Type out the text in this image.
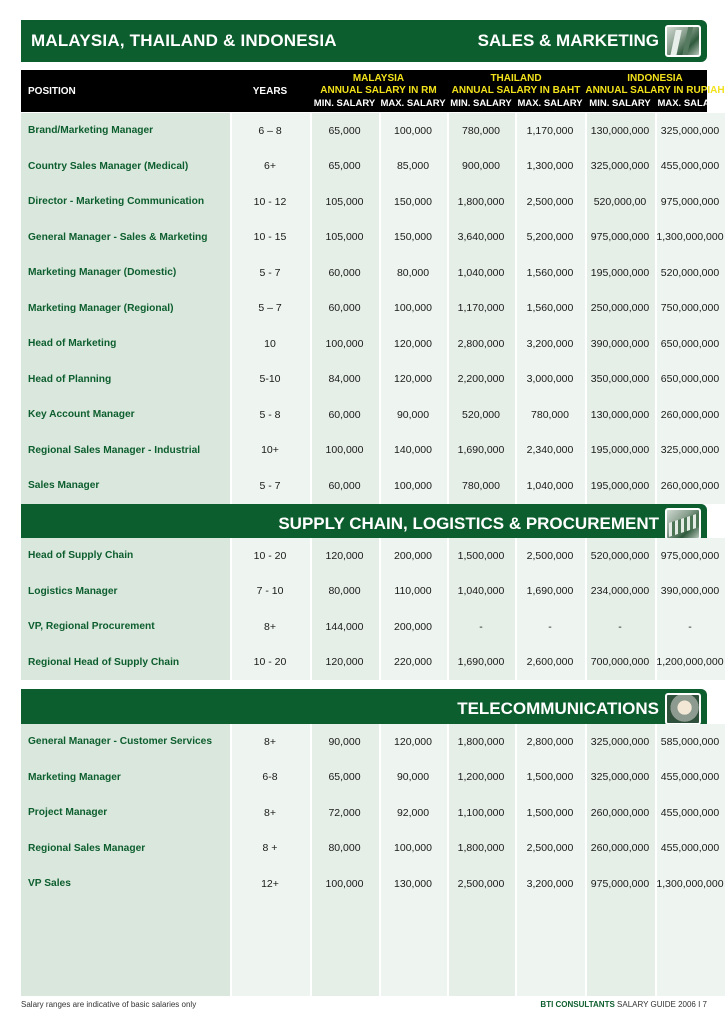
MALAYSIA, THAILAND & INDONESIA	SALES & MARKETING
POSITION	YEARS
MALAYSIA
ANNUAL SALARY IN RM
MIN. SALARY MAX. SALARY
THAILAND
ANNUAL SALARY IN BAHT
MIN. SALARY MAX. SALARY
INDONESIA
ANNUAL SALARY IN RUPIAH
MIN. SALARY MAX. SALARY
Brand/Marketing Manager	6 – 8	65,000	100,000	780,000	1,170,000	130,000,000	325,000,000
Country Sales Manager (Medical)	6+	65,000	85,000	900,000	1,300,000	325,000,000	455,000,000
Director - Marketing Communication	10 - 12	105,000	150,000	1,800,000	2,500,000	520,000,00	975,000,000
General Manager - Sales & Marketing	10 - 15	105,000	150,000	3,640,000	5,200,000	975,000,000 1,300,000,000
Marketing Manager (Domestic)	5 - 7	60,000	80,000	1,040,000	1,560,000	195,000,000	520,000,000
Marketing Manager (Regional)	5 – 7	60,000	100,000	1,170,000	1,560,000	250,000,000	750,000,000
Head of Marketing	10	100,000	120,000	2,800,000	3,200,000	390,000,000	650,000,000
Head of Planning	5-10	84,000	120,000	2,200,000	3,000,000	350,000,000	650,000,000
Key Account Manager	5 - 8	60,000	90,000	520,000	780,000	130,000,000	260,000,000
Regional Sales Manager - Industrial	10+	100,000	140,000	1,690,000	2,340,000	195,000,000	325,000,000
Sales Manager	5 - 7	60,000	100,000	780,000	1,040,000	195,000,000	260,000,000
SUPPLY CHAIN, LOGISTICS & PROCUREMENT
Head of Supply Chain	10 - 20	120,000	200,000	1,500,000	2,500,000	520,000,000	975,000,000
Logistics Manager	7 - 10	80,000	110,000	1,040,000	1,690,000	234,000,000	390,000,000
VP, Regional Procurement	8+	144,000	200,000	-	-	-	-
Regional Head of Supply Chain	10 - 20	120,000	220,000	1,690,000	2,600,000	700,000,000 1,200,000,000
TELECOMMUNICATIONS
General Manager - Customer Services	8+	90,000	120,000	1,800,000	2,800,000	325,000,000	585,000,000
Marketing Manager	6-8	65,000	90,000	1,200,000	1,500,000	325,000,000	455,000,000
Project Manager	8+	72,000	92,000	1,100,000	1,500,000	260,000,000	455,000,000
Regional Sales Manager	8 +	80,000	100,000	1,800,000	2,500,000	260,000,000	455,000,000
VP Sales	12+	100,000	130,000	2,500,000	3,200,000	975,000,000 1,300,000,000
Salary ranges are indicative of basic salaries only	BTI CONSULTANTS SALARY GUIDE 2006 I 7
